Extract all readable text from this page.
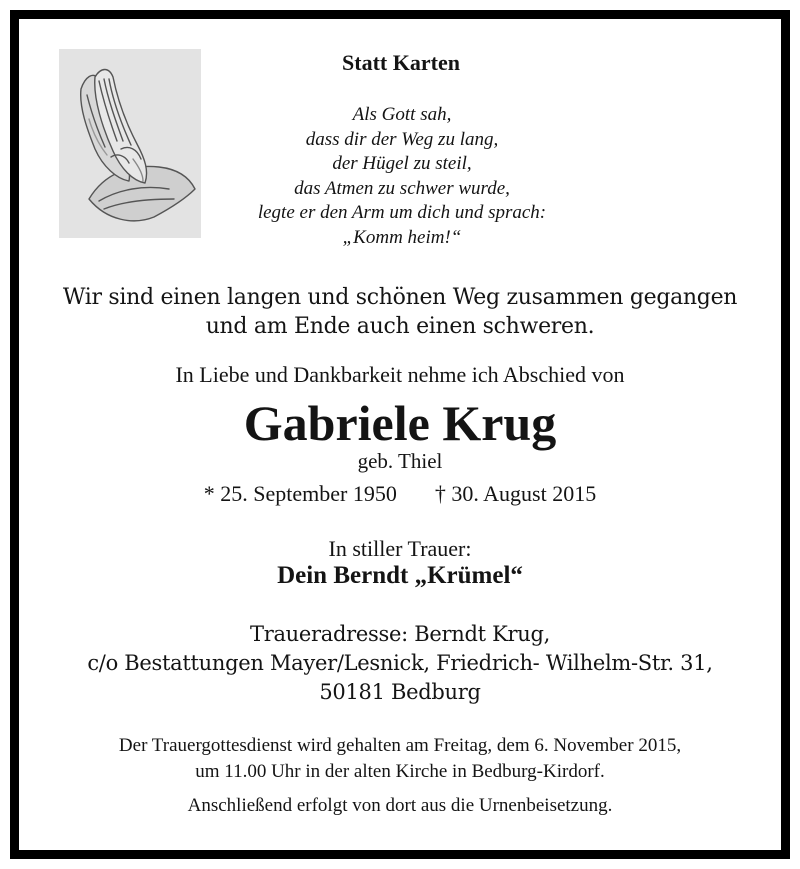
Statt Karten
Als Gott sah,
dass dir der Weg zu lang,
der Hügel zu steil,
das Atmen zu schwer wurde,
legte er den Arm um dich und sprach:
„Komm heim!“
Wir sind einen langen und schönen Weg zusammen gegangen
und am Ende auch einen schweren.
In Liebe und Dankbarkeit nehme ich Abschied von
Gabriele Krug
geb. Thiel
* 25. September 1950 † 30. August 2015
In stiller Trauer:
Dein Berndt „Krümel“
Traueradresse: Berndt Krug,
c/o Bestattungen Mayer/Lesnick, Friedrich- Wilhelm-Str. 31,
50181 Bedburg
Der Trauergottesdienst wird gehalten am Freitag, dem 6. November 2015,
um 11.00 Uhr in der alten Kirche in Bedburg-Kirdorf.
Anschließend erfolgt von dort aus die Urnenbeisetzung.
